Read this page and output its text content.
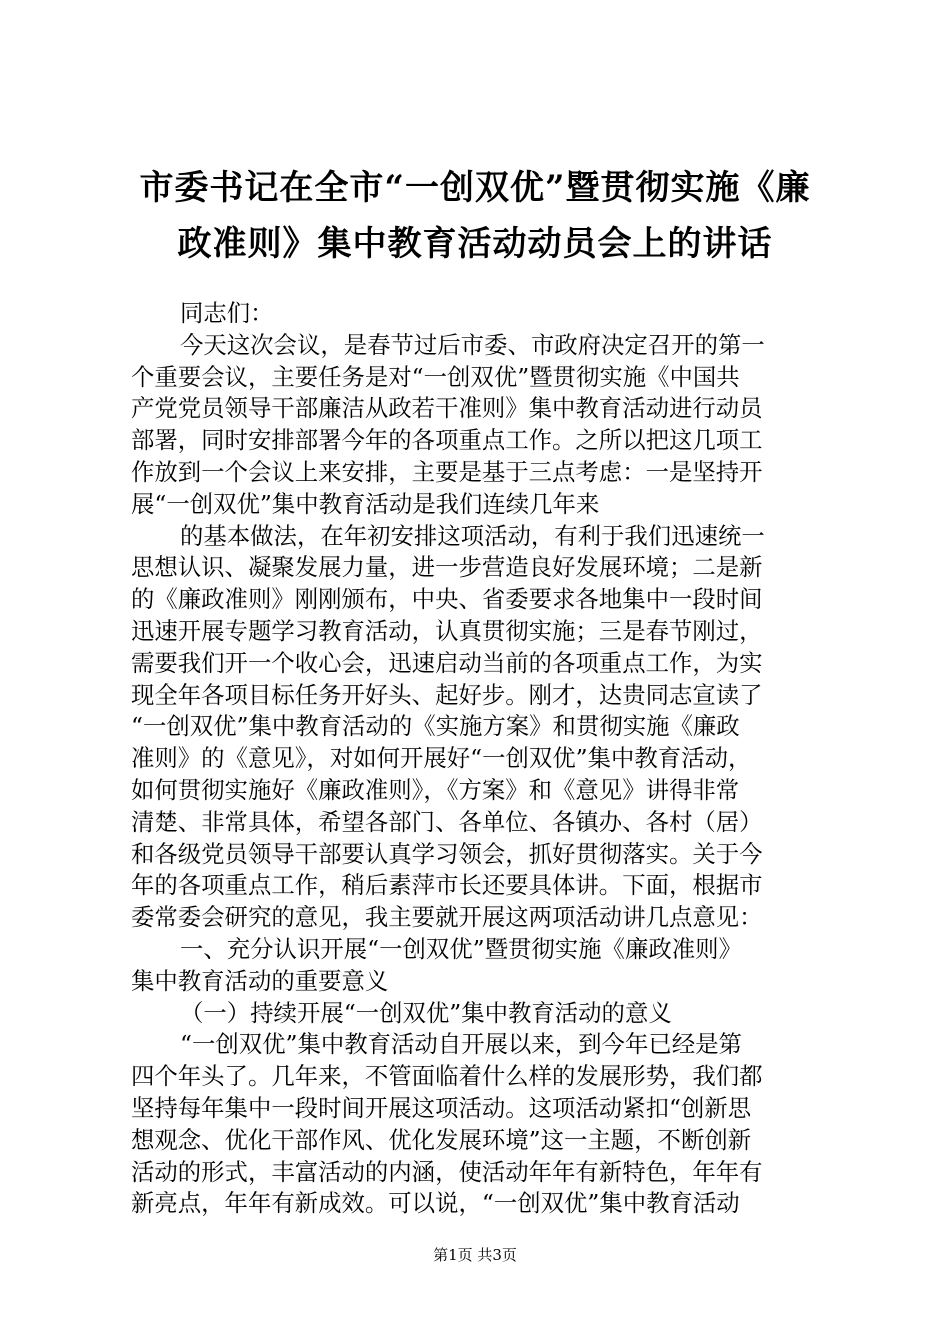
市委书记在全市“一创双优”暨贯彻实施《廉
政准则》集中教育活动动员会上的讲话
同志们：
今天这次会议，是春节过后市委、市政府决定召开的第一
个重要会议，主要任务是对“一创双优”暨贯彻实施《中国共
产党党员领导干部廉洁从政若干准则》集中教育活动进行动员
部署，同时安排部署今年的各项重点工作。之所以把这几项工
作放到一个会议上来安排，主要是基于三点考虑：一是坚持开
展“一创双优”集中教育活动是我们连续几年来
的基本做法，在年初安排这项活动，有利于我们迅速统一
思想认识、凝聚发展力量，进一步营造良好发展环境；二是新
的《廉政准则》刚刚颁布，中央、省委要求各地集中一段时间
迅速开展专题学习教育活动，认真贯彻实施；三是春节刚过，
需要我们开一个收心会，迅速启动当前的各项重点工作，为实
现全年各项目标任务开好头、起好步。刚才，达贵同志宣读了
“一创双优”集中教育活动的《实施方案》和贯彻实施《廉政
准则》的《意见》，对如何开展好“一创双优”集中教育活动，
如何贯彻实施好《廉政准则》，《方案》和《意见》讲得非常
清楚、非常具体，希望各部门、各单位、各镇办、各村（居）
和各级党员领导干部要认真学习领会，抓好贯彻落实。关于今
年的各项重点工作，稍后素萍市长还要具体讲。下面，根据市
委常委会研究的意见，我主要就开展这两项活动讲几点意见：
一、充分认识开展“一创双优”暨贯彻实施《廉政准则》
集中教育活动的重要意义
（一）持续开展“一创双优”集中教育活动的意义
“一创双优”集中教育活动自开展以来，到今年已经是第
四个年头了。几年来，不管面临着什么样的发展形势，我们都
坚持每年集中一段时间开展这项活动。这项活动紧扣“创新思
想观念、优化干部作风、优化发展环境”这一主题，不断创新
活动的形式，丰富活动的内涵，使活动年年有新特色，年年有
新亮点，年年有新成效。可以说，“一创双优”集中教育活动
第1页 共3页
